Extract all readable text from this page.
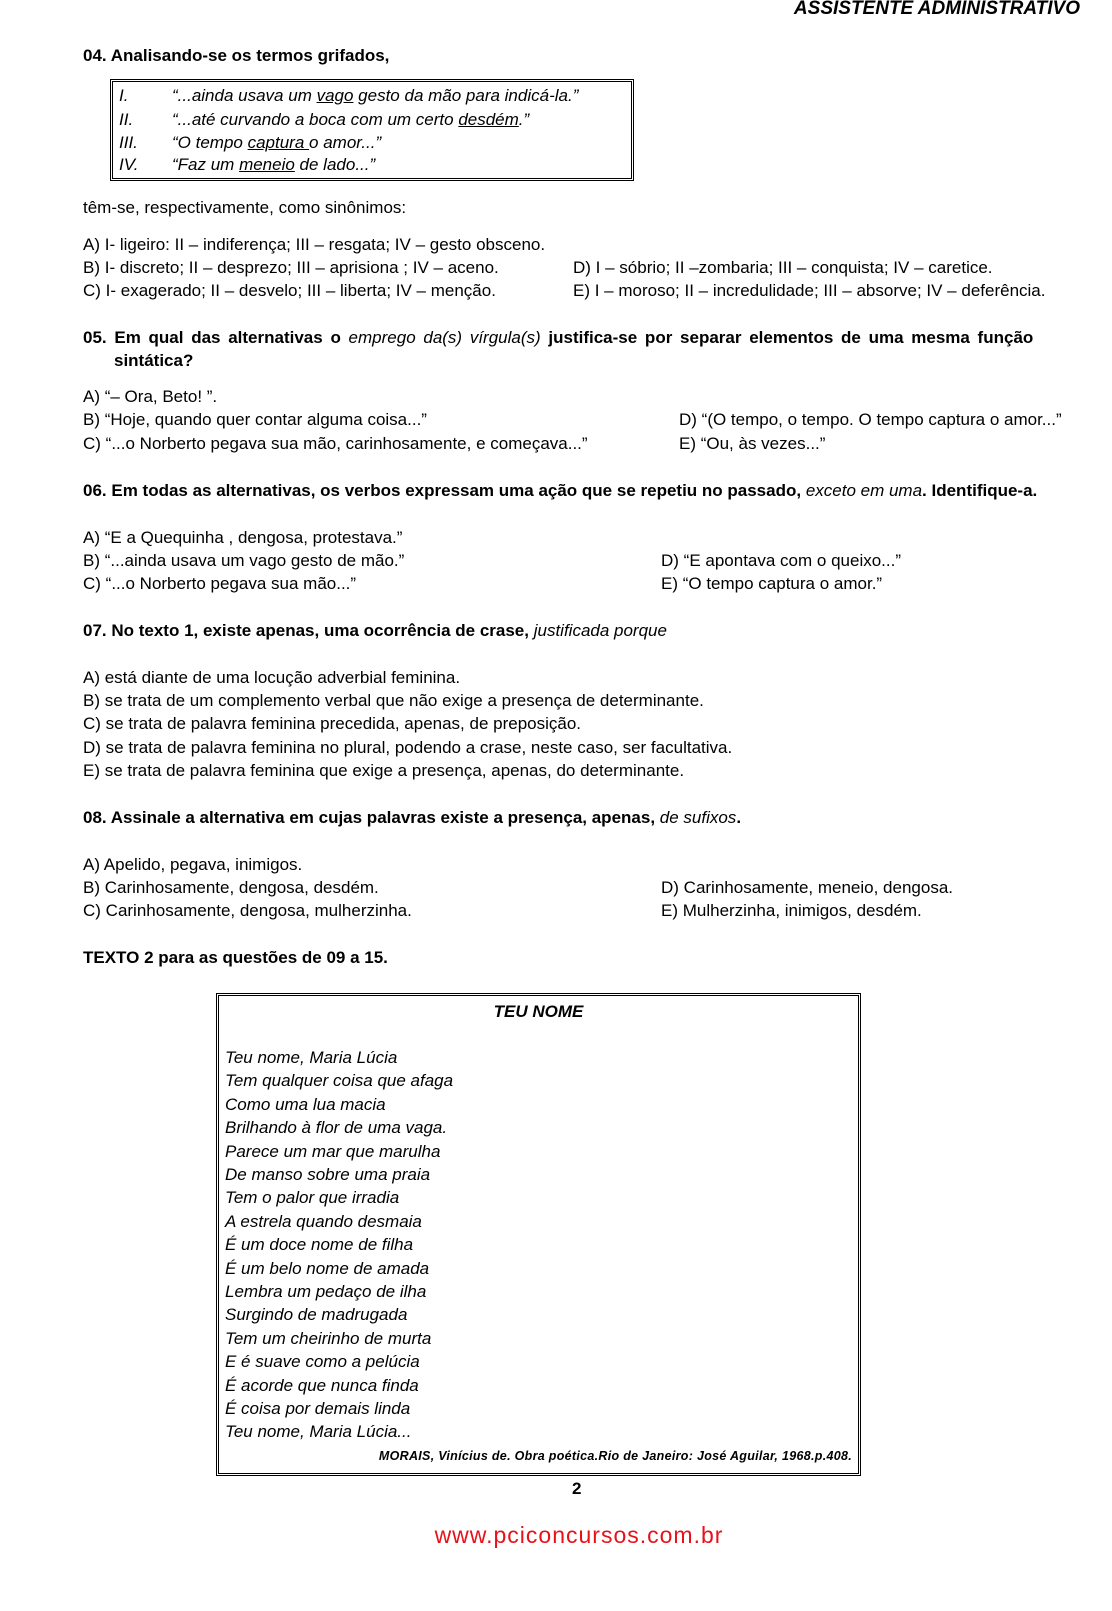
ASSISTENTE ADMINISTRATIVO
04. Analisando-se os termos grifados,
I.	“...ainda usava um vago gesto da mão para indicá-la.”
II. “...até curvando a boca com um certo desdém.”
III. “O tempo captura o amor...”
IV. “Faz um meneio de lado...”
têm-se, respectivamente, como sinônimos:
A) I- ligeiro: II – indiferença; III – resgata; IV – gesto obsceno.
B) I- discreto; II – desprezo; III – aprisiona ; IV – aceno.
C) I- exagerado; II – desvelo; III – liberta; IV – menção.
D) I – sóbrio; II –zombaria; III – conquista; IV – caretice.
E) I – moroso; II – incredulidade; III – absorve; IV – deferência.
05. Em qual das alternativas o emprego da(s) vírgula(s) justifica-se por separar elementos de uma mesma função
sintática?
A) “– Ora, Beto! ”.
B) “Hoje, quando quer contar alguma coisa...”
C) “...o Norberto pegava sua mão, carinhosamente, e começava...”
D) “(O tempo, o tempo. O tempo captura o amor...”
E) “Ou, às vezes...”
06. Em todas as alternativas, os verbos expressam uma ação que se repetiu no passado, exceto em uma. Identifique-a.
A) “E a Quequinha , dengosa, protestava.”
B) “...ainda usava um vago gesto de mão.”
C) “...o Norberto pegava sua mão...”
D) “E apontava com o queixo...”
E) “O tempo captura o amor.”
07. No texto 1, existe apenas, uma ocorrência de crase, justificada porque
A) está diante de uma locução adverbial feminina.
B) se trata de um complemento verbal que não exige a presença de determinante.
C) se trata de palavra feminina precedida, apenas, de preposição.
D) se trata de palavra feminina no plural, podendo a crase, neste caso, ser facultativa.
E) se trata de palavra feminina que exige a presença, apenas, do determinante.
08. Assinale a alternativa em cujas palavras existe a presença, apenas, de sufixos.
A) Apelido, pegava, inimigos.
B) Carinhosamente, dengosa, desdém.
C) Carinhosamente, dengosa, mulherzinha.
D) Carinhosamente, meneio, dengosa.
E) Mulherzinha, inimigos, desdém.
TEXTO 2 para as questões de 09 a 15.
TEU NOME
Teu nome, Maria Lúcia
Tem qualquer coisa que afaga
Como uma lua macia
Brilhando à flor de uma vaga.
Parece um mar que marulha
De manso sobre uma praia
Tem o palor que irradia
A estrela quando desmaia
É um doce nome de filha
É um belo nome de amada
Lembra um pedaço de ilha
Surgindo de madrugada
Tem um cheirinho de murta
E é suave como a pelúcia
É acorde que nunca finda
É coisa por demais linda
Teu nome, Maria Lúcia...
MORAIS, Vinícius de. Obra poética.Rio de Janeiro: José Aguilar, 1968.p.408.
2
www.pciconcursos.com.br
